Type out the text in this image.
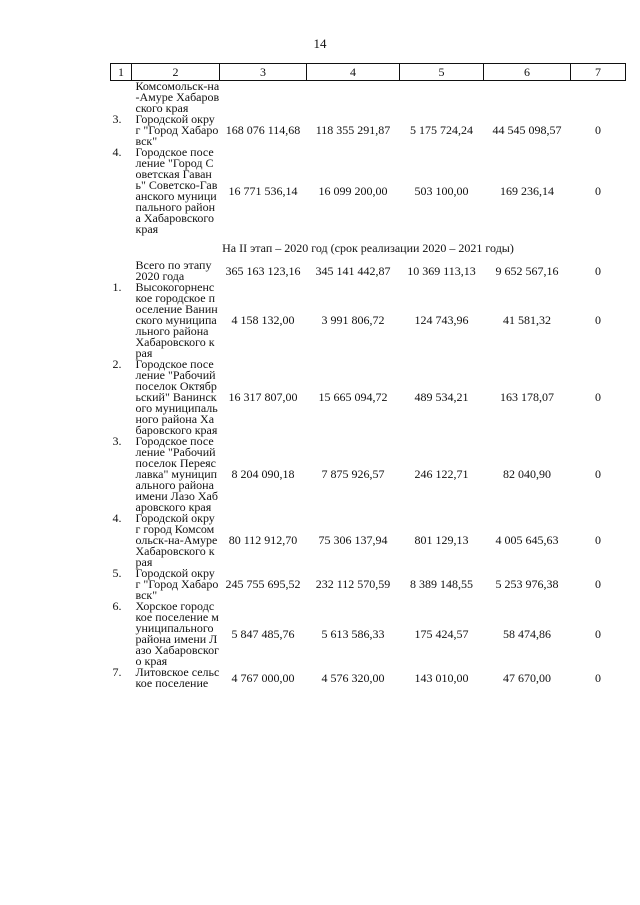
14
1	2	3	4	5	6	7
	Комсомольск-на-Амуре Хабаровского края					
3.	Городской округ "Город Хабаровск"	168 076 114,68	118 355 291,87	5 175 724,24	44 545 098,57	0
4.	Городское поселение "Город Советская Гавань" Советско-Гаванского муниципального района Хабаровского края	16 771 536,14	16 099 200,00	503 100,00	169 236,14	0
На II этап – 2020 год (срок реализации 2020 – 2021 годы)						
	Всего по этапу 2020 года	365 163 123,16	345 141 442,87	10 369 113,13	9 652 567,16	0
1.	Высокогорненское городское поселение Ванинского муниципального района Хабаровского края	4 158 132,00	3 991 806,72	124 743,96	41 581,32	0
2.	Городское поселение "Рабочий поселок Октябрьский" Ванинского муниципального района Хабаровского края	16 317 807,00	15 665 094,72	489 534,21	163 178,07	0
3.	Городское поселение "Рабочий поселок Переяславка" муниципального района имени Лазо Хабаровского края	8 204 090,18	7 875 926,57	246 122,71	82 040,90	0
4.	Городской округ город Комсомольск-на-Амуре Хабаровского края	80 112 912,70	75 306 137,94	801 129,13	4 005 645,63	0
5.	Городской округ "Город Хабаровск"	245 755 695,52	232 112 570,59	8 389 148,55	5 253 976,38	0
6.	Хорское городское поселение муниципального района имени Лазо Хабаровского края	5 847 485,76	5 613 586,33	175 424,57	58 474,86	0
7.	Литовское сельское поселение	4 767 000,00	4 576 320,00	143 010,00	47 670,00	0
